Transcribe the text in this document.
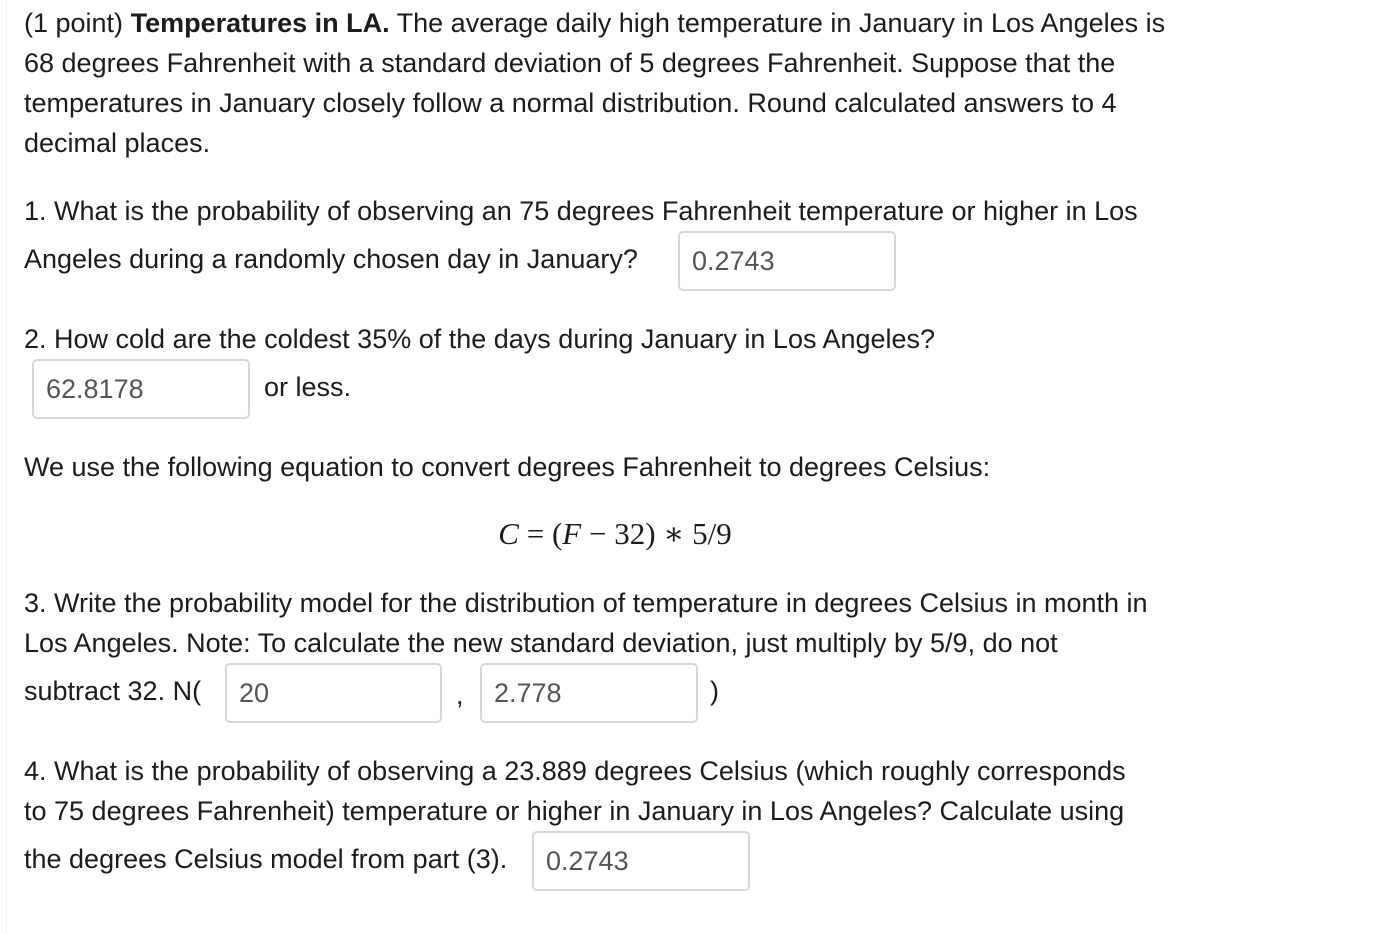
(1 point) Temperatures in LA. The average daily high temperature in January in Los Angeles is
68 degrees Fahrenheit with a standard deviation of 5 degrees Fahrenheit. Suppose that the
temperatures in January closely follow a normal distribution. Round calculated answers to 4
decimal places.
1. What is the probability of observing an 75 degrees Fahrenheit temperature or higher in Los
Angeles during a randomly chosen day in January?	0.2743
2. How cold are the coldest 35% of the days during January in Los Angeles?
62.8178	or less.
We use the following equation to convert degrees Fahrenheit to degrees Celsius:
C = (F − 32) ∗ 5/9
3. Write the probability model for the distribution of temperature in degrees Celsius in month in
Los Angeles. Note: To calculate the new standard deviation, just multiply by 5/9, do not
subtract 32. N(	20	,	2.778	)
4. What is the probability of observing a 23.889 degrees Celsius (which roughly corresponds
to 75 degrees Fahrenheit) temperature or higher in January in Los Angeles? Calculate using
the degrees Celsius model from part (3).	0.2743
